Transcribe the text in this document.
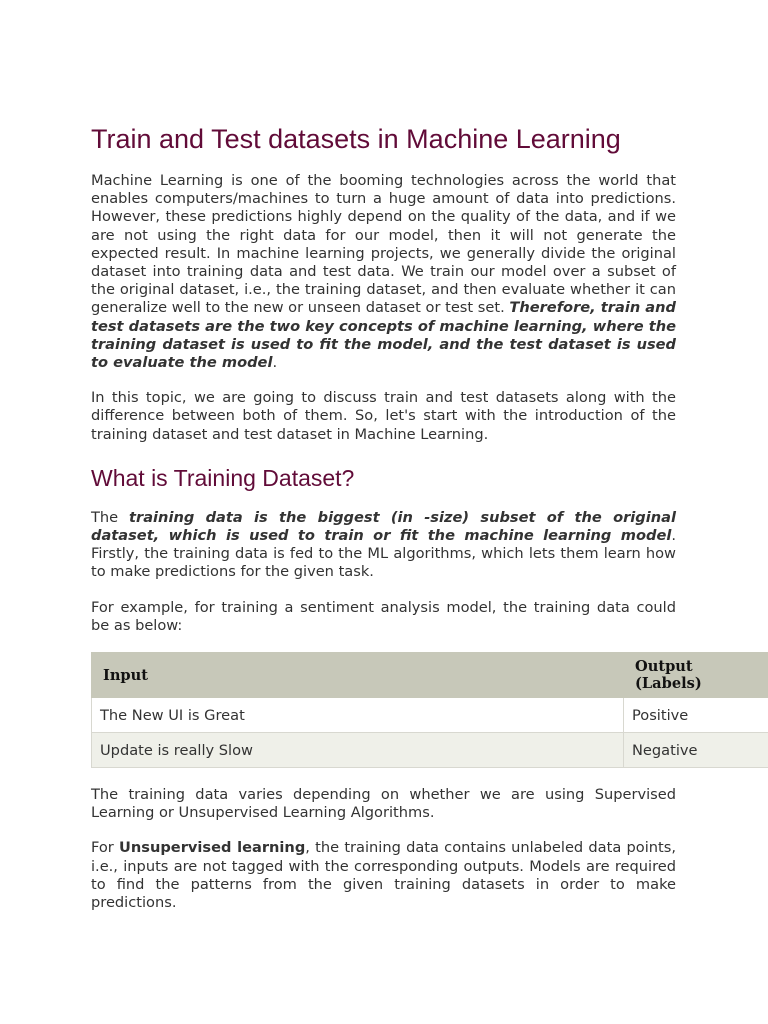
Train and Test datasets in Machine Learning

Machine Learning is one of the booming technologies across the world that enables computers/machines to turn a huge amount of data into predictions. However, these predictions highly depend on the quality of the data, and if we are not using the right data for our model, then it will not generate the expected result. In machine learning projects, we generally divide the original dataset into training data and test data. We train our model over a subset of the original dataset, i.e., the training dataset, and then evaluate whether it can generalize well to the new or unseen dataset or test set. Therefore, train and test datasets are the two key concepts of machine learning, where the training dataset is used to fit the model, and the test dataset is used to evaluate the model.

In this topic, we are going to discuss train and test datasets along with the difference between both of them. So, let's start with the introduction of the training dataset and test dataset in Machine Learning.

What is Training Dataset?

The training data is the biggest (in -size) subset of the original dataset, which is used to train or fit the machine learning model. Firstly, the training data is fed to the ML algorithms, which lets them learn how to make predictions for the given task.

For example, for training a sentiment analysis model, the training data could be as below:

Input	Output (Labels)
The New UI is Great	Positive
Update is really Slow	Negative

The training data varies depending on whether we are using Supervised Learning or Unsupervised Learning Algorithms.

For Unsupervised learning, the training data contains unlabeled data points, i.e., inputs are not tagged with the corresponding outputs. Models are required to find the patterns from the given training datasets in order to make predictions.
